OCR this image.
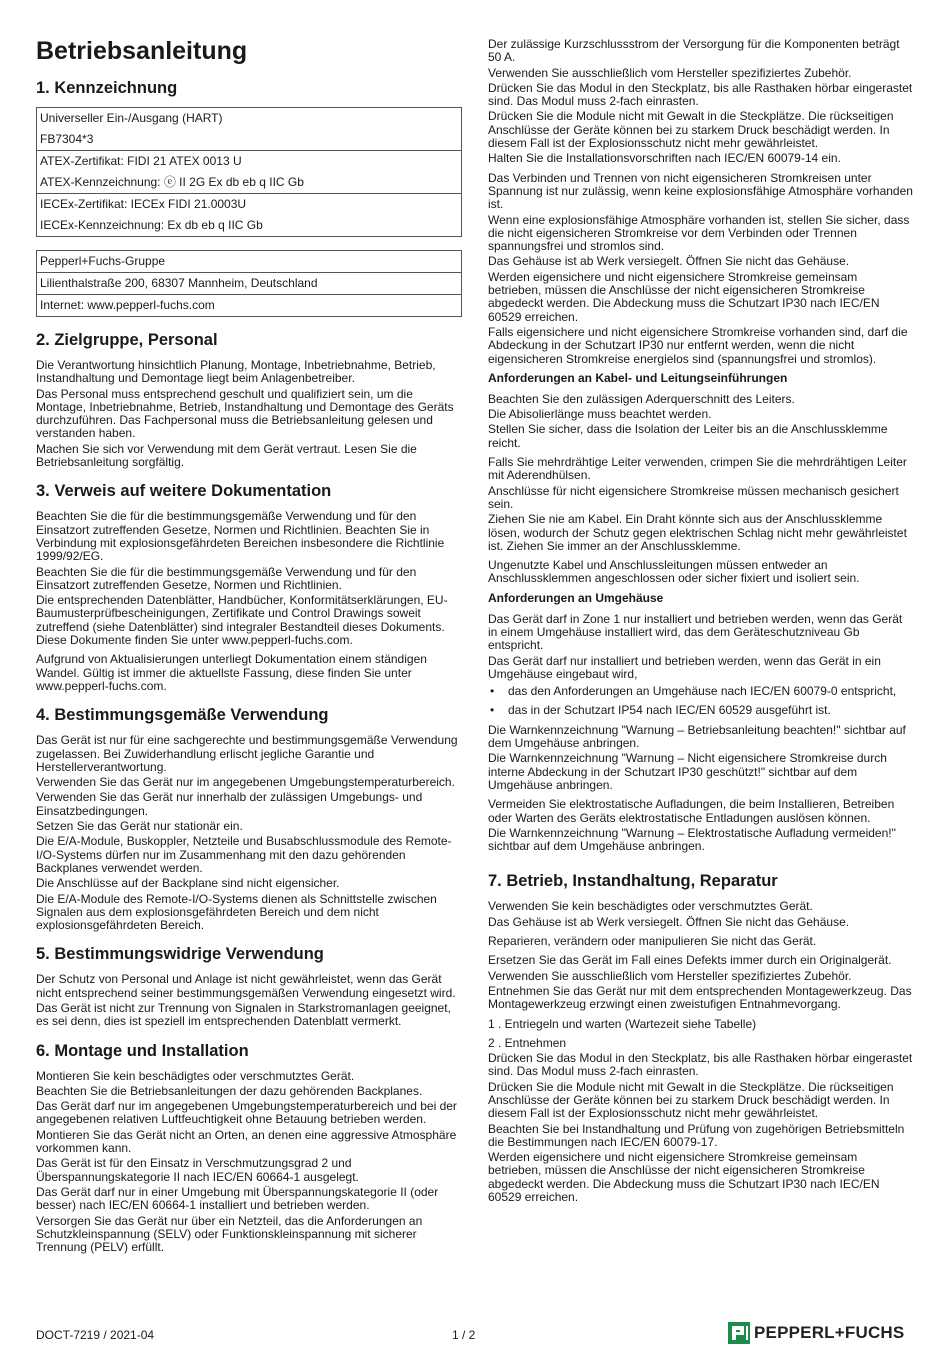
Betriebsanleitung
1. Kennzeichnung
Universeller Ein-/Ausgang (HART)
FB7304*3
ATEX-Zertifikat: FIDI 21 ATEX 0013 U
ATEX-Kennzeichnung: ⓔ II 2G Ex db eb q IIC Gb
IECEx-Zertifikat: IECEx FIDI 21.0003U
IECEx-Kennzeichnung: Ex db eb q IIC Gb
Pepperl+Fuchs-Gruppe
Lilienthalstraße 200, 68307 Mannheim, Deutschland
Internet: www.pepperl-fuchs.com
2. Zielgruppe, Personal

Die Verantwortung hinsichtlich Planung, Montage, Inbetriebnahme, Betrieb, Instandhaltung und Demontage liegt beim Anlagenbetreiber.

Das Personal muss entsprechend geschult und qualifiziert sein, um die Montage, Inbetriebnahme, Betrieb, Instandhaltung und Demontage des Geräts durchzuführen. Das Fachpersonal muss die Betriebsanleitung gelesen und verstanden haben.

Machen Sie sich vor Verwendung mit dem Gerät vertraut. Lesen Sie die Betriebsanleitung sorgfältig.

3. Verweis auf weitere Dokumentation

Beachten Sie die für die bestimmungsgemäße Verwendung und für den Einsatzort zutreffenden Gesetze, Normen und Richtlinien. Beachten Sie in Verbindung mit explosionsgefährdeten Bereichen insbesondere die Richtlinie 1999/92/EG.

Beachten Sie die für die bestimmungsgemäße Verwendung und für den Einsatzort zutreffenden Gesetze, Normen und Richtlinien.

Die entsprechenden Datenblätter, Handbücher, Konformitätserklärungen, EU-Baumusterprüfbescheinigungen, Zertifikate und Control Drawings soweit zutreffend (siehe Datenblätter) sind integraler Bestandteil dieses Dokuments. Diese Dokumente finden Sie unter www.pepperl-fuchs.com.

Aufgrund von Aktualisierungen unterliegt Dokumentation einem ständigen Wandel. Gültig ist immer die aktuellste Fassung, diese finden Sie unter www.pepperl-fuchs.com.

4. Bestimmungsgemäße Verwendung

Das Gerät ist nur für eine sachgerechte und bestimmungsgemäße Verwendung zugelassen. Bei Zuwiderhandlung erlischt jegliche Garantie und Herstellerverantwortung.

Verwenden Sie das Gerät nur im angegebenen Umgebungstemperaturbereich.

Verwenden Sie das Gerät nur innerhalb der zulässigen Umgebungs- und Einsatzbedingungen.

Setzen Sie das Gerät nur stationär ein.

Die E/A-Module, Buskoppler, Netzteile und Busabschlussmodule des Remote-I/O-Systems dürfen nur im Zusammenhang mit den dazu gehörenden Backplanes verwendet werden.

Die Anschlüsse auf der Backplane sind nicht eigensicher.

Die E/A-Module des Remote-I/O-Systems dienen als Schnittstelle zwischen Signalen aus dem explosionsgefährdeten Bereich und dem nicht explosionsgefährdeten Bereich.

5. Bestimmungswidrige Verwendung

Der Schutz von Personal und Anlage ist nicht gewährleistet, wenn das Gerät nicht entsprechend seiner bestimmungsgemäßen Verwendung eingesetzt wird.

Das Gerät ist nicht zur Trennung von Signalen in Starkstromanlagen geeignet, es sei denn, dies ist speziell im entsprechenden Datenblatt vermerkt.

6. Montage und Installation

Montieren Sie kein beschädigtes oder verschmutztes Gerät.

Beachten Sie die Betriebsanleitungen der dazu gehörenden Backplanes.

Das Gerät darf nur im angegebenen Umgebungstemperaturbereich und bei der angegebenen relativen Luftfeuchtigkeit ohne Betauung betrieben werden.

Montieren Sie das Gerät nicht an Orten, an denen eine aggressive Atmosphäre vorkommen kann.

Das Gerät ist für den Einsatz in Verschmutzungsgrad 2 und Überspannungskategorie II nach IEC/EN 60664-1 ausgelegt.

Das Gerät darf nur in einer Umgebung mit Überspannungskategorie II (oder besser) nach IEC/EN 60664-1 installiert und betrieben werden.

Versorgen Sie das Gerät nur über ein Netzteil, das die Anforderungen an Schutzkleinspannung (SELV) oder Funktionskleinspannung mit sicherer Trennung (PELV) erfüllt.

Der zulässige Kurzschlussstrom der Versorgung für die Komponenten beträgt 50 A.

Verwenden Sie ausschließlich vom Hersteller spezifiziertes Zubehör.

Drücken Sie das Modul in den Steckplatz, bis alle Rasthaken hörbar eingerastet sind. Das Modul muss 2-fach einrasten.

Drücken Sie die Module nicht mit Gewalt in die Steckplätze. Die rückseitigen Anschlüsse der Geräte können bei zu starkem Druck beschädigt werden. In diesem Fall ist der Explosionsschutz nicht mehr gewährleistet.

Halten Sie die Installationsvorschriften nach IEC/EN 60079-14 ein.

Das Verbinden und Trennen von nicht eigensicheren Stromkreisen unter Spannung ist nur zulässig, wenn keine explosionsfähige Atmosphäre vorhanden ist.

Wenn eine explosionsfähige Atmosphäre vorhanden ist, stellen Sie sicher, dass die nicht eigensicheren Stromkreise vor dem Verbinden oder Trennen spannungsfrei und stromlos sind.

Das Gehäuse ist ab Werk versiegelt. Öffnen Sie nicht das Gehäuse.

Werden eigensichere und nicht eigensichere Stromkreise gemeinsam betrieben, müssen die Anschlüsse der nicht eigensicheren Stromkreise abgedeckt werden. Die Abdeckung muss die Schutzart IP30 nach IEC/EN 60529 erreichen.

Falls eigensichere und nicht eigensichere Stromkreise vorhanden sind, darf die Abdeckung in der Schutzart IP30 nur entfernt werden, wenn die nicht eigensicheren Stromkreise energielos sind (spannungsfrei und stromlos).

Anforderungen an Kabel- und Leitungseinführungen

Beachten Sie den zulässigen Aderquerschnitt des Leiters.

Die Abisolierlänge muss beachtet werden.

Stellen Sie sicher, dass die Isolation der Leiter bis an die Anschlussklemme reicht.

Falls Sie mehrdrähtige Leiter verwenden, crimpen Sie die mehrdrähtigen Leiter mit Aderendhülsen.

Anschlüsse für nicht eigensichere Stromkreise müssen mechanisch gesichert sein.

Ziehen Sie nie am Kabel. Ein Draht könnte sich aus der Anschlussklemme lösen, wodurch der Schutz gegen elektrischen Schlag nicht mehr gewährleistet ist. Ziehen Sie immer an der Anschlussklemme.

Ungenutzte Kabel und Anschlussleitungen müssen entweder an Anschlussklemmen angeschlossen oder sicher fixiert und isoliert sein.

Anforderungen an Umgehäuse

Das Gerät darf in Zone 1 nur installiert und betrieben werden, wenn das Gerät in einem Umgehäuse installiert wird, das dem Geräteschutzniveau Gb entspricht.

Das Gerät darf nur installiert und betrieben werden, wenn das Gerät in ein Umgehäuse eingebaut wird,

• das den Anforderungen an Umgehäuse nach IEC/EN 60079-0 entspricht,
• das in der Schutzart IP54 nach IEC/EN 60529 ausgeführt ist.

Die Warnkennzeichnung "Warnung – Betriebsanleitung beachten!" sichtbar auf dem Umgehäuse anbringen.

Die Warnkennzeichnung "Warnung – Nicht eigensichere Stromkreise durch interne Abdeckung in der Schutzart IP30 geschützt!" sichtbar auf dem Umgehäuse anbringen.

Vermeiden Sie elektrostatische Aufladungen, die beim Installieren, Betreiben oder Warten des Geräts elektrostatische Entladungen auslösen können.

Die Warnkennzeichnung "Warnung – Elektrostatische Aufladung vermeiden!" sichtbar auf dem Umgehäuse anbringen.

7. Betrieb, Instandhaltung, Reparatur

Verwenden Sie kein beschädigtes oder verschmutztes Gerät.

Das Gehäuse ist ab Werk versiegelt. Öffnen Sie nicht das Gehäuse.

Reparieren, verändern oder manipulieren Sie nicht das Gerät.

Ersetzen Sie das Gerät im Fall eines Defekts immer durch ein Originalgerät.

Verwenden Sie ausschließlich vom Hersteller spezifiziertes Zubehör.

Entnehmen Sie das Gerät nur mit dem entsprechenden Montagewerkzeug. Das Montagewerkzeug erzwingt einen zweistufigen Entnahmevorgang.

1 . Entriegeln und warten (Wartezeit siehe Tabelle)

2 . Entnehmen

Drücken Sie das Modul in den Steckplatz, bis alle Rasthaken hörbar eingerastet sind. Das Modul muss 2-fach einrasten.

Drücken Sie die Module nicht mit Gewalt in die Steckplätze. Die rückseitigen Anschlüsse der Geräte können bei zu starkem Druck beschädigt werden. In diesem Fall ist der Explosionsschutz nicht mehr gewährleistet.

Beachten Sie bei Instandhaltung und Prüfung von zugehörigen Betriebsmitteln die Bestimmungen nach IEC/EN 60079-17.

Werden eigensichere und nicht eigensichere Stromkreise gemeinsam betrieben, müssen die Anschlüsse der nicht eigensicheren Stromkreise abgedeckt werden. Die Abdeckung muss die Schutzart IP30 nach IEC/EN 60529 erreichen.

DOCT-7219 / 2021-04	1 / 2	PEPPERL+FUCHS
